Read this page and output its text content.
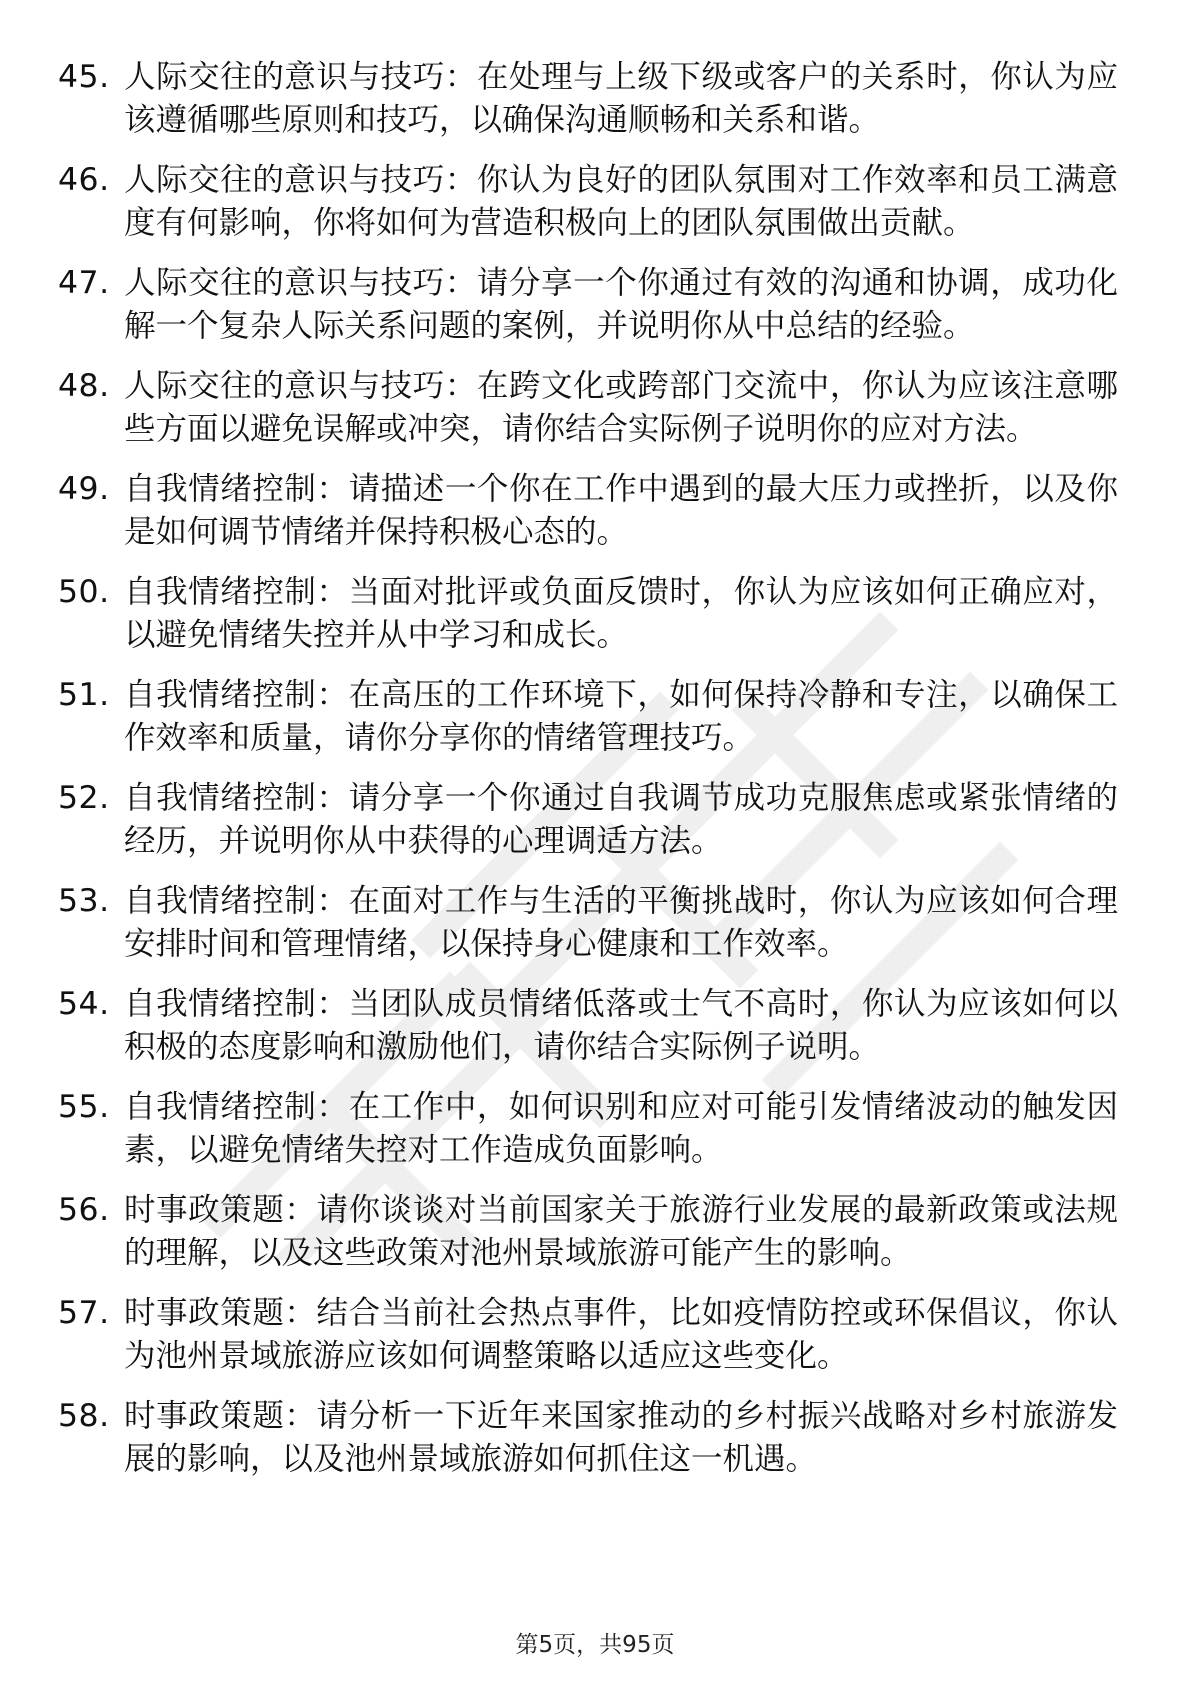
45. 人际交往的意识与技巧：在处理与上级下级或客户的关系时，你认为应该遵循哪些原则和技巧，以确保沟通顺畅和关系和谐。
46. 人际交往的意识与技巧：你认为良好的团队氛围对工作效率和员工满意度有何影响，你将如何为营造积极向上的团队氛围做出贡献。
47. 人际交往的意识与技巧：请分享一个你通过有效的沟通和协调，成功化解一个复杂人际关系问题的案例，并说明你从中总结的经验。
48. 人际交往的意识与技巧：在跨文化或跨部门交流中，你认为应该注意哪些方面以避免误解或冲突，请你结合实际例子说明你的应对方法。
49. 自我情绪控制：请描述一个你在工作中遇到的最大压力或挫折，以及你是如何调节情绪并保持积极心态的。
50. 自我情绪控制：当面对批评或负面反馈时，你认为应该如何正确应对，以避免情绪失控并从中学习和成长。
51. 自我情绪控制：在高压的工作环境下，如何保持冷静和专注，以确保工作效率和质量，请你分享你的情绪管理技巧。
52. 自我情绪控制：请分享一个你通过自我调节成功克服焦虑或紧张情绪的经历，并说明你从中获得的心理调适方法。
53. 自我情绪控制：在面对工作与生活的平衡挑战时，你认为应该如何合理安排时间和管理情绪，以保持身心健康和工作效率。
54. 自我情绪控制：当团队成员情绪低落或士气不高时，你认为应该如何以积极的态度影响和激励他们，请你结合实际例子说明。
55. 自我情绪控制：在工作中，如何识别和应对可能引发情绪波动的触发因素，以避免情绪失控对工作造成负面影响。
56. 时事政策题：请你谈谈对当前国家关于旅游行业发展的最新政策或法规的理解，以及这些政策对池州景域旅游可能产生的影响。
57. 时事政策题：结合当前社会热点事件，比如疫情防控或环保倡议，你认为池州景域旅游应该如何调整策略以适应这些变化。
58. 时事政策题：请分析一下近年来国家推动的乡村振兴战略对乡村旅游发展的影响，以及池州景域旅游如何抓住这一机遇。
第5页，共95页
